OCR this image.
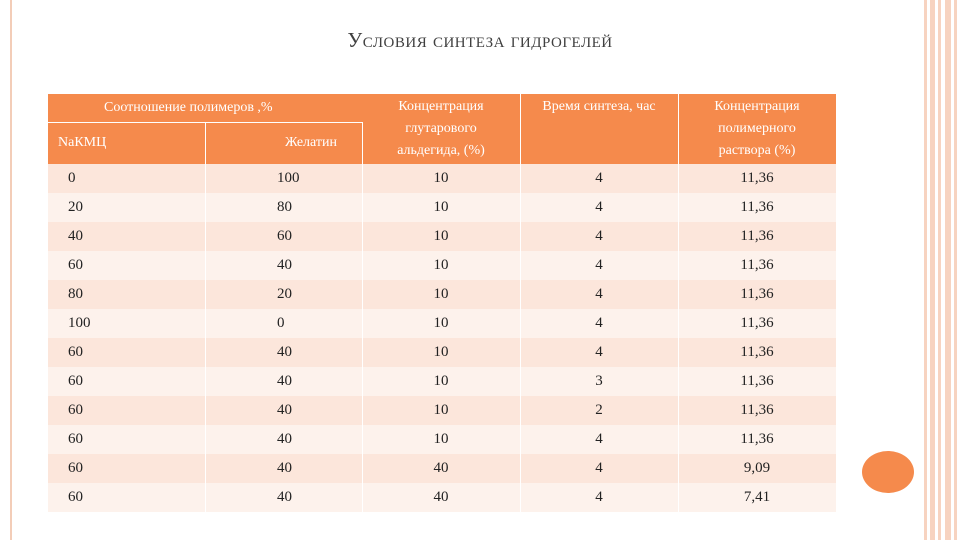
Условия синтеза гидрогелей
Соотношение полимеров ,%
NaКМЦ	Желатин
Концентрация глутарового альдегида, (%)
Время синтеза, час	Концентрация полимерного раствора (%)
0	100	10	4	11,36
20	80	10	4	11,36
40	60	10	4	11,36
60	40	10	4	11,36
80	20	10	4	11,36
100	0	10	4	11,36
60	40	10	4	11,36
60	40	10	3	11,36
60	40	10	2	11,36
60	40	10	4	11,36
60	40	40	4	9,09
60	40	40	4	7,41
